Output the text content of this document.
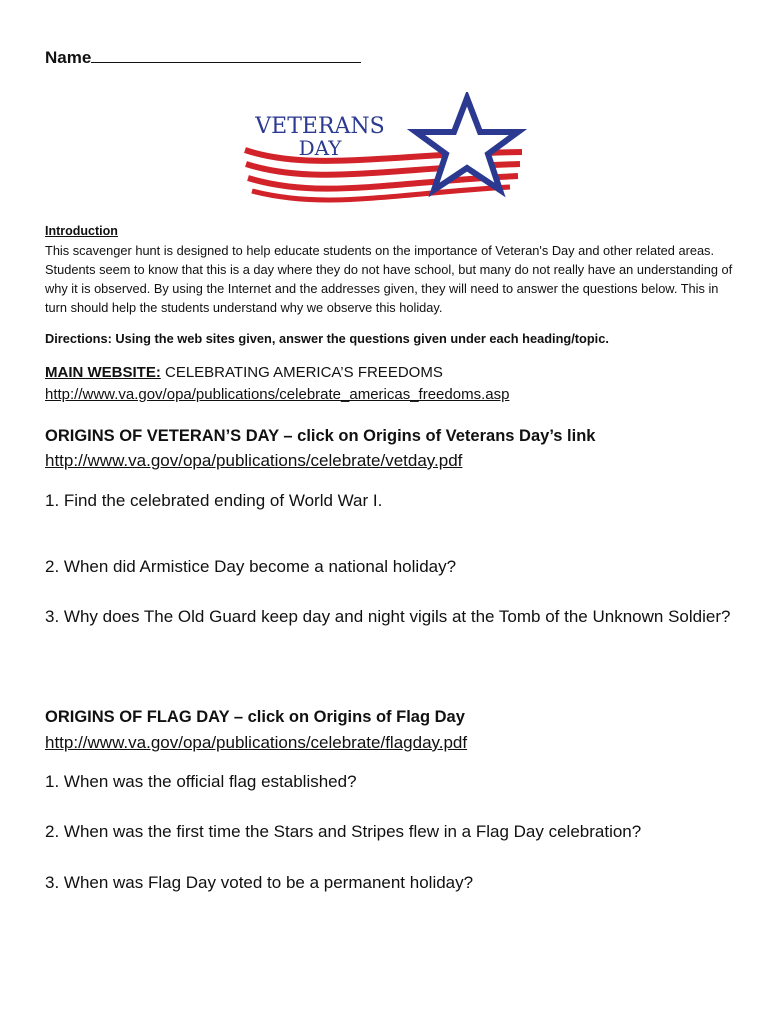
Name
VETERANS
DAY
Introduction
This scavenger hunt is designed to help educate students on the importance of Veteran's Day and other related areas. Students seem to know that this is a day where they do not have school, but many do not really have an understanding of why it is observed. By using the Internet and the addresses given, they will need to answer the questions below. This in turn should help the students understand why we observe this holiday.
Directions: Using the web sites given, answer the questions given under each heading/topic.
MAIN WEBSITE: CELEBRATING AMERICA’S FREEDOMS
http://www.va.gov/opa/publications/celebrate_americas_freedoms.asp
ORIGINS OF VETERAN’S DAY – click on Origins of Veterans Day’s link
http://www.va.gov/opa/publications/celebrate/vetday.pdf
1. Find the celebrated ending of World War I.
2. When did Armistice Day become a national holiday?
3. Why does The Old Guard keep day and night vigils at the Tomb of the Unknown Soldier?
ORIGINS OF FLAG DAY – click on Origins of Flag Day
http://www.va.gov/opa/publications/celebrate/flagday.pdf
1. When was the official flag established?
2. When was the first time the Stars and Stripes flew in a Flag Day celebration?
3. When was Flag Day voted to be a permanent holiday?
